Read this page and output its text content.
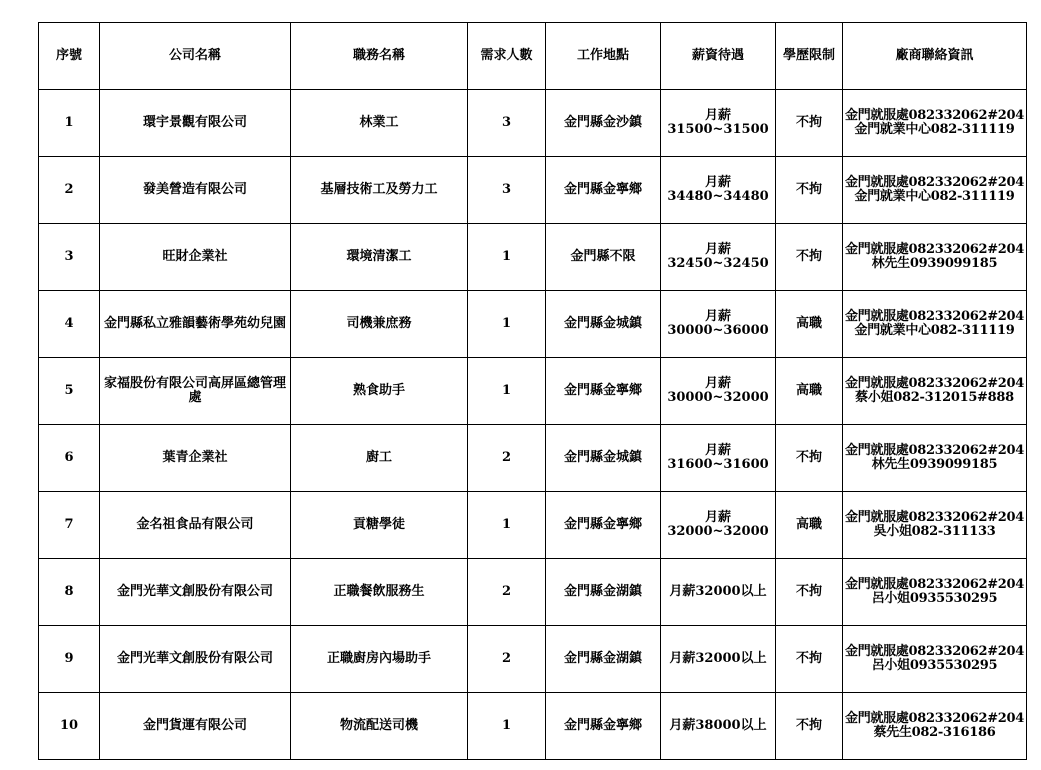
序號	公司名稱	職務名稱	需求人數	工作地點	薪資待遇	學歷限制	廠商聯絡資訊
1	環宇景觀有限公司	林業工	3	金門縣金沙鎮	月薪31500~31500	不拘	金門就服處082332062#204
金門就業中心082-311119

2	發美營造有限公司	基層技術工及勞力工	3	金門縣金寧鄉	月薪34480~34480	不拘	金門就服處082332062#204
金門就業中心082-311119

3	旺財企業社	環境清潔工	1	金門縣不限	月薪32450~32450	不拘	金門就服處082332062#204
林先生0939099185

4	金門縣私立雅韻藝術學苑幼兒園	司機兼庶務	1	金門縣金城鎮	月薪30000~36000	高職	金門就服處082332062#204
金門就業中心082-311119

5	家福股份有限公司高屏區總管理處	熟食助手	1	金門縣金寧鄉	月薪30000~32000	高職	金門就服處082332062#204
蔡小姐082-312015#888

6	葉青企業社	廚工	2	金門縣金城鎮	月薪31600~31600	不拘	金門就服處082332062#204
林先生0939099185

7	金名祖食品有限公司	貢糖學徒	1	金門縣金寧鄉	月薪32000~32000	高職	金門就服處082332062#204
吳小姐082-311133

8	金門光華文創股份有限公司	正職餐飲服務生	2	金門縣金湖鎮	月薪32000以上	不拘	金門就服處082332062#204
呂小姐0935530295

9	金門光華文創股份有限公司	正職廚房內場助手	2	金門縣金湖鎮	月薪32000以上	不拘	金門就服處082332062#204
呂小姐0935530295

10	金門貨運有限公司	物流配送司機	1	金門縣金寧鄉	月薪38000以上	不拘	金門就服處082332062#204
蔡先生082-316186
